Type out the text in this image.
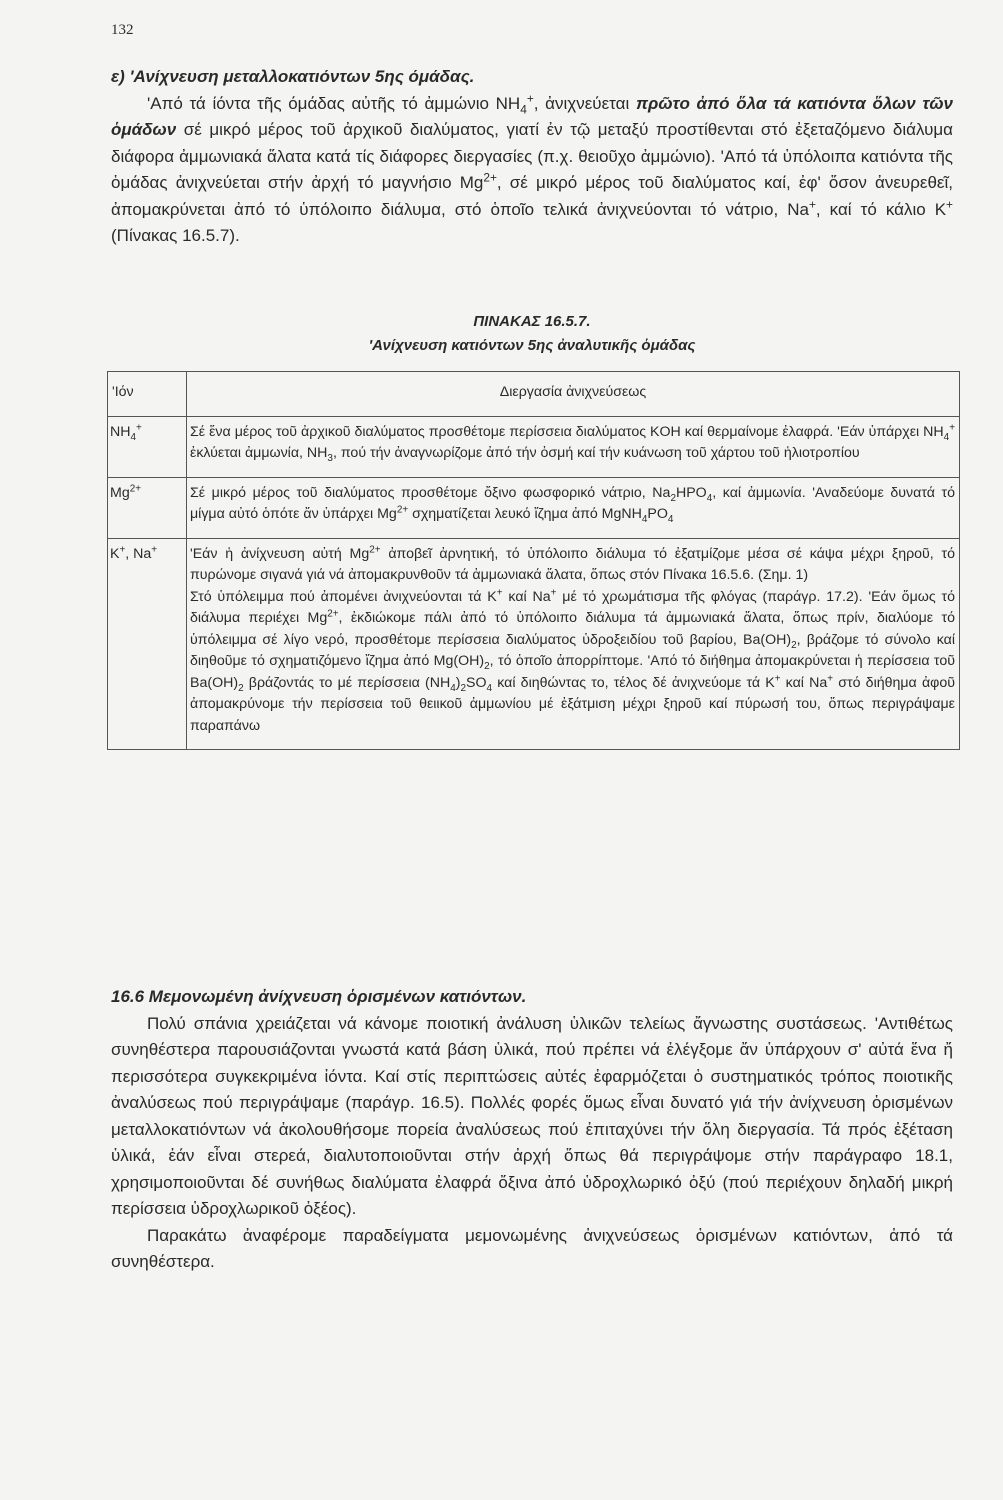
132
ε) 'Ανίχνευση μεταλλοκατιόντων 5ης όμάδας.
'Από τά ίόντα τῆς όμάδας αὐτῆς τό ἀμμώνιο $NH_4^+$, ἀνιχνεύεται πρῶτο ἀπό ὅλα τά κατιόντα ὅλων τῶν ὁμάδων σέ μικρό μέρος τοῦ ἀρχικοῦ διαλύματος, γιατί ἐν τῷ μεταξύ προστίθενται στό ἐξεταζόμενο διάλυμα διάφορα ἀμμωνιακά ἅλατα κατά τίς διάφορες διεργασίες (π.χ. θειοῦχο ἀμμώνιο). 'Από τά ὑπόλοιπα κατιόντα τῆς ὁμάδας ἀνιχνεύεται στήν ἀρχή τό μαγνήσιο $Mg^{2+}$, σέ μικρό μέρος τοῦ διαλύματος καί, ἐφ' ὅσον ἀνευρεθεῖ, ἀπομακρύνεται ἀπό τό ὑπόλοιπο διάλυμα, στό ὁποῖο τελικά ἀνιχνεύονται τό νάτριο, Na+, καί τό κάλιο K+ (Πίνακας 16.5.7).
ΠΙΝΑΚΑΣ 16.5.7.
'Ανίχνευση κατιόντων 5ης ἀναλυτικῆς ὁμάδας
'Ιόν	Διεργασία ἀνιχνεύσεως
$NH_4^+$	Σέ ἕνα μέρος τοῦ ἀρχικοῦ διαλύματος προσθέτομε περίσσεια διαλύματος KOH καί θερμαίνομε ἐλαφρά. 'Εάν ὑπάρχει $NH_4^+$ ἐκλύεται ἀμμωνία, $NH_3$, πού τήν ἀναγνωρίζομε ἀπό τήν ὀσμή καί τήν κυάνωση τοῦ χάρτου τοῦ ἡλιοτροπίου
$Mg^{2+}$	Σέ μικρό μέρος τοῦ διαλύματος προσθέτομε ὄξινο φωσφορικό νάτριο, $Na_2HPO_4$, καί ἀμμωνία. 'Αναδεύομε δυνατά τό μίγμα αὐτό ὁπότε ἄν ὑπάρχει $Mg^{2+}$ σχηματίζεται λευκό ἴζημα ἀπό $MgNH_4PO_4$
K+, Na+	'Εάν ἡ ἀνίχνευση αὐτή $Mg^{2+}$ ἀποβεῖ ἀρνητική, τό ὑπόλοιπο διάλυμα τό ἐξατμίζομε μέσα σέ κάψα μέχρι ξηροῦ, τό πυρώνομε σιγανά γιά νά ἀπομακρυνθοῦν τά ἀμμωνιακά ἅλατα, ὅπως στόν Πίνακα 16.5.6. (Σημ. 1)
Στό ὑπόλειμμα πού ἀπομένει ἀνιχνεύονται τά K+ καί Na+ μέ τό χρωμάτισμα τῆς φλόγας (παράγρ. 17.2). 'Εάν ὅμως τό διάλυμα περιέχει $Mg^{2+}$, ἐκδιώκομε πάλι ἀπό τό ὑπόλοιπο διάλυμα τά ἀμμωνιακά ἅλατα, ὅπως πρίν, διαλύομε τό ὑπόλειμμα σέ λίγο νερό, προσθέτομε περίσσεια διαλύματος ὑδροξειδίου τοῦ βαρίου, $Ba(OH)_2$, βράζομε τό σύνολο καί διηθοῦμε τό σχηματιζόμενο ἴζημα ἀπό $Mg(OH)_2$, τό ὁποῖο ἀπορρίπτομε. 'Από τό διήθημα ἀπομακρύνεται ἡ περίσσεια τοῦ $Ba(OH)_2$ βράζοντάς το μέ περίσσεια $(NH_4)_2SO_4$ καί διηθώντας το, τέλος δέ ἀνιχνεύομε τά K+ καί Na+ στό διήθημα ἀφοῦ ἀπομακρύνομε τήν περίσσεια τοῦ θειικοῦ ἀμμωνίου μέ ἐξάτμιση μέχρι ξηροῦ καί πύρωσή του, ὅπως περιγράψαμε παραπάνω
16.6 Μεμονωμένη ἀνίχνευση ὁρισμένων κατιόντων.
Πολύ σπάνια χρειάζεται νά κάνομε ποιοτική ἀνάλυση ὑλικῶν τελείως ἄγνωστης συστάσεως. 'Αντιθέτως συνηθέστερα παρουσιάζονται γνωστά κατά βάση ὑλικά, πού πρέπει νά ἐλέγξομε ἄν ὑπάρχουν σ' αὐτά ἕνα ἤ περισσότερα συγκεκριμένα ἰόντα. Καί στίς περιπτώσεις αὐτές ἐφαρμόζεται ὁ συστηματικός τρόπος ποιοτικῆς ἀναλύσεως πού περιγράψαμε (παράγρ. 16.5). Πολλές φορές ὅμως εἶναι δυνατό γιά τήν ἀνίχνευση ὁρισμένων μεταλλοκατιόντων νά ἀκολουθήσομε πορεία ἀναλύσεως πού ἐπιταχύνει τήν ὅλη διεργασία. Τά πρός ἐξέταση ὑλικά, ἐάν εἶναι στερεά, διαλυτοποιοῦνται στήν ἀρχή ὅπως θά περιγράψομε στήν παράγραφο 18.1, χρησιμοποιοῦνται δέ συνήθως διαλύματα ἐλαφρά ὄξινα ἀπό ὑδροχλωρικό ὀξύ (πού περιέχουν δηλαδή μικρή περίσσεια ὑδροχλωρικοῦ ὀξέος).
Παρακάτω ἀναφέρομε παραδείγματα μεμονωμένης ἀνιχνεύσεως ὁρισμένων κατιόντων, ἀπό τά συνηθέστερα.
